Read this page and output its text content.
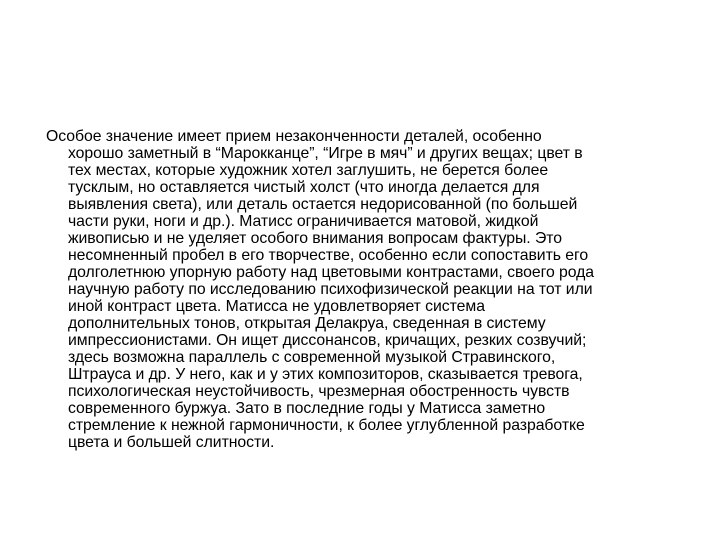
Особое значение имеет прием незаконченности деталей, особенно
хорошо заметный в “Марокканце”, “Игре в мяч” и других вещах; цвет в
тех местах, которые художник хотел заглушить, не берется более
тусклым, но оставляется чистый холст (что иногда делается для
выявления света), или деталь остается недорисованной (по большей
части руки, ноги и др.). Матисс ограничивается матовой, жидкой
живописью и не уделяет особого внимания вопросам фактуры. Это
несомненный пробел в его творчестве, особенно если сопоставить его
долголетнюю упорную работу над цветовыми контрастами, своего рода
научную работу по исследованию психофизической реакции на тот или
иной контраст цвета. Матисса не удовлетворяет система
дополнительных тонов, открытая Делакруа, сведенная в систему
импрессионистами. Он ищет диссонансов, кричащих, резких созвучий;
здесь возможна параллель с современной музыкой Стравинского,
Штрауса и др. У него, как и у этих композиторов, сказывается тревога,
психологическая неустойчивость, чрезмерная обостренность чувств
современного буржуа. Зато в последние годы у Матисса заметно
стремление к нежной гармоничности, к более углубленной разработке
цвета и большей слитности.
